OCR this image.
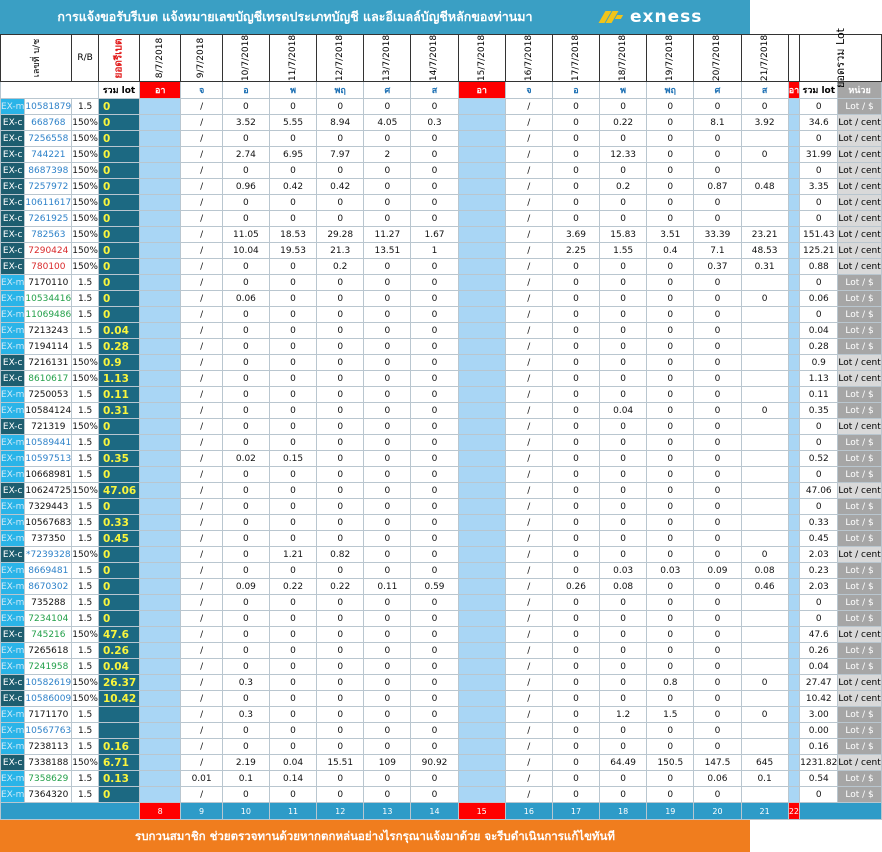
การแจ้งขอรับรีเบต แจ้งหมายเลขบัญชีเทรดประเภทบัญชี และอีเมลล์บัญชีหลักของท่านมา	exness
เลขที่ บ/ช		R/B	ยอดรีเบต	8/7/2018	9/7/2018	10/7/2018	11/7/2018	12/7/2018	13/7/2018	14/7/2018	15/7/2018	16/7/2018	17/7/2018	18/7/2018	19/7/2018	20/7/2018	21/7/2018		ยอดรวม Lot	
			รวม lot	อา	จ	อ	พ	พฤ	ศ	ส	อา	จ	อ	พ	พฤ	ศ	ส	อา	รวม lot	หน่วย
EX-m	10581879	1.5	0		/	0	0	0	0	0		/	0	0	0	0	0		0	Lot / $
EX-c	668768	150%	0		/	3.52	5.55	8.94	4.05	0.3		/	0	0.22	0	8.1	3.92		34.6	Lot / cent
EX-c	7256558	150%	0		/	0	0	0	0	0		/	0	0	0	0			0	Lot / cent
EX-c	744221	150%	0		/	2.74	6.95	7.97	2	0		/	0	12.33	0	0	0		31.99	Lot / cent
EX-c	8687398	150%	0		/	0	0	0	0	0		/	0	0	0	0			0	Lot / cent
EX-c	7257972	150%	0		/	0.96	0.42	0.42	0	0		/	0	0.2	0	0.87	0.48		3.35	Lot / cent
EX-c	10611617	150%	0		/	0	0	0	0	0		/	0	0	0	0			0	Lot / cent
EX-c	7261925	150%	0		/	0	0	0	0	0		/	0	0	0	0			0	Lot / cent
EX-c	782563	150%	0		/	11.05	18.53	29.28	11.27	1.67		/	3.69	15.83	3.51	33.39	23.21		151.43	Lot / cent
EX-c	7290424	150%	0		/	10.04	19.53	21.3	13.51	1		/	2.25	1.55	0.4	7.1	48.53		125.21	Lot / cent
EX-c	780100	150%	0		/	0	0	0.2	0	0		/	0	0	0	0.37	0.31		0.88	Lot / cent
EX-m	7170110	1.5	0		/	0	0	0	0	0		/	0	0	0	0			0	Lot / $
EX-m	10534416	1.5	0		/	0.06	0	0	0	0		/	0	0	0	0	0		0.06	Lot / $
EX-m	11069486	1.5	0		/	0	0	0	0	0		/	0	0	0	0			0	Lot / $
EX-m	7213243	1.5	0.04		/	0	0	0	0	0		/	0	0	0	0			0.04	Lot / $
EX-m	7194114	1.5	0.28		/	0	0	0	0	0		/	0	0	0	0			0.28	Lot / $
EX-c	7216131	150%	0.9		/	0	0	0	0	0		/	0	0	0	0			0.9	Lot / cent
EX-c	8610617	150%	1.13		/	0	0	0	0	0		/	0	0	0	0			1.13	Lot / cent
EX-m	7250053	1.5	0.11		/	0	0	0	0	0		/	0	0	0	0			0.11	Lot / $
EX-m	10584124	1.5	0.31		/	0	0	0	0	0		/	0	0.04	0	0	0		0.35	Lot / $
EX-c	721319	150%	0		/	0	0	0	0	0		/	0	0	0	0			0	Lot / cent
EX-m	10589441	1.5	0		/	0	0	0	0	0		/	0	0	0	0			0	Lot / $
EX-m	10597513	1.5	0.35		/	0.02	0.15	0	0	0		/	0	0	0	0			0.52	Lot / $
EX-m	10668981	1.5	0		/	0	0	0	0	0		/	0	0	0	0			0	Lot / $
EX-c	10624725	150%	47.06		/	0	0	0	0	0		/	0	0	0	0			47.06	Lot / cent
EX-m	7329443	1.5	0		/	0	0	0	0	0		/	0	0	0	0			0	Lot / $
EX-m	10567683	1.5	0.33		/	0	0	0	0	0		/	0	0	0	0			0.33	Lot / $
EX-m	737350	1.5	0.45		/	0	0	0	0	0		/	0	0	0	0			0.45	Lot / $
EX-c	*7239328	150%	0		/	0	1.21	0.82	0	0		/	0	0	0	0	0		2.03	Lot / cent
EX-m	8669481	1.5	0		/	0	0	0	0	0		/	0	0.03	0.03	0.09	0.08		0.23	Lot / $
EX-m	8670302	1.5	0		/	0.09	0.22	0.22	0.11	0.59		/	0.26	0.08	0	0	0.46		2.03	Lot / $
EX-m	735288	1.5	0		/	0	0	0	0	0		/	0	0	0	0			0	Lot / $
EX-m	7234104	1.5	0		/	0	0	0	0	0		/	0	0	0	0			0	Lot / $
EX-c	745216	150%	47.6		/	0	0	0	0	0		/	0	0	0	0			47.6	Lot / cent
EX-m	7265618	1.5	0.26		/	0	0	0	0	0		/	0	0	0	0			0.26	Lot / $
EX-m	7241958	1.5	0.04		/	0	0	0	0	0		/	0	0	0	0			0.04	Lot / $
EX-c	10582619	150%	26.37		/	0.3	0	0	0	0		/	0	0	0.8	0	0		27.47	Lot / cent
EX-c	10586009	150%	10.42		/	0	0	0	0	0		/	0	0	0	0			10.42	Lot / cent
EX-m	7171170	1.5			/	0.3	0	0	0	0		/	0	1.2	1.5	0	0		3.00	Lot / $
EX-m	10567763	1.5			/	0	0	0	0	0		/	0	0	0	0			0.00	Lot / $
EX-m	7238113	1.5	0.16		/	0	0	0	0	0		/	0	0	0	0			0.16	Lot / $
EX-c	7338188	150%	6.71		/	2.19	0.04	15.51	109	90.92		/	0	64.49	150.5	147.5	645		1231.82	Lot / cent
EX-m	7358629	1.5	0.13		0.01	0.1	0.14	0	0	0		/	0	0	0	0.06	0.1		0.54	Lot / $
EX-m	7364320	1.5	0		/	0	0	0	0	0		/	0	0	0	0			0	Lot / $
				8	9	10	11	12	13	14	15	16	17	18	19	20	21	22		
รบกวนสมาชิก ช่วยตรวจทานด้วยหากตกหล่นอย่างไรกรุณาแจ้งมาด้วย จะรีบดำเนินการแก้ไขทันที
